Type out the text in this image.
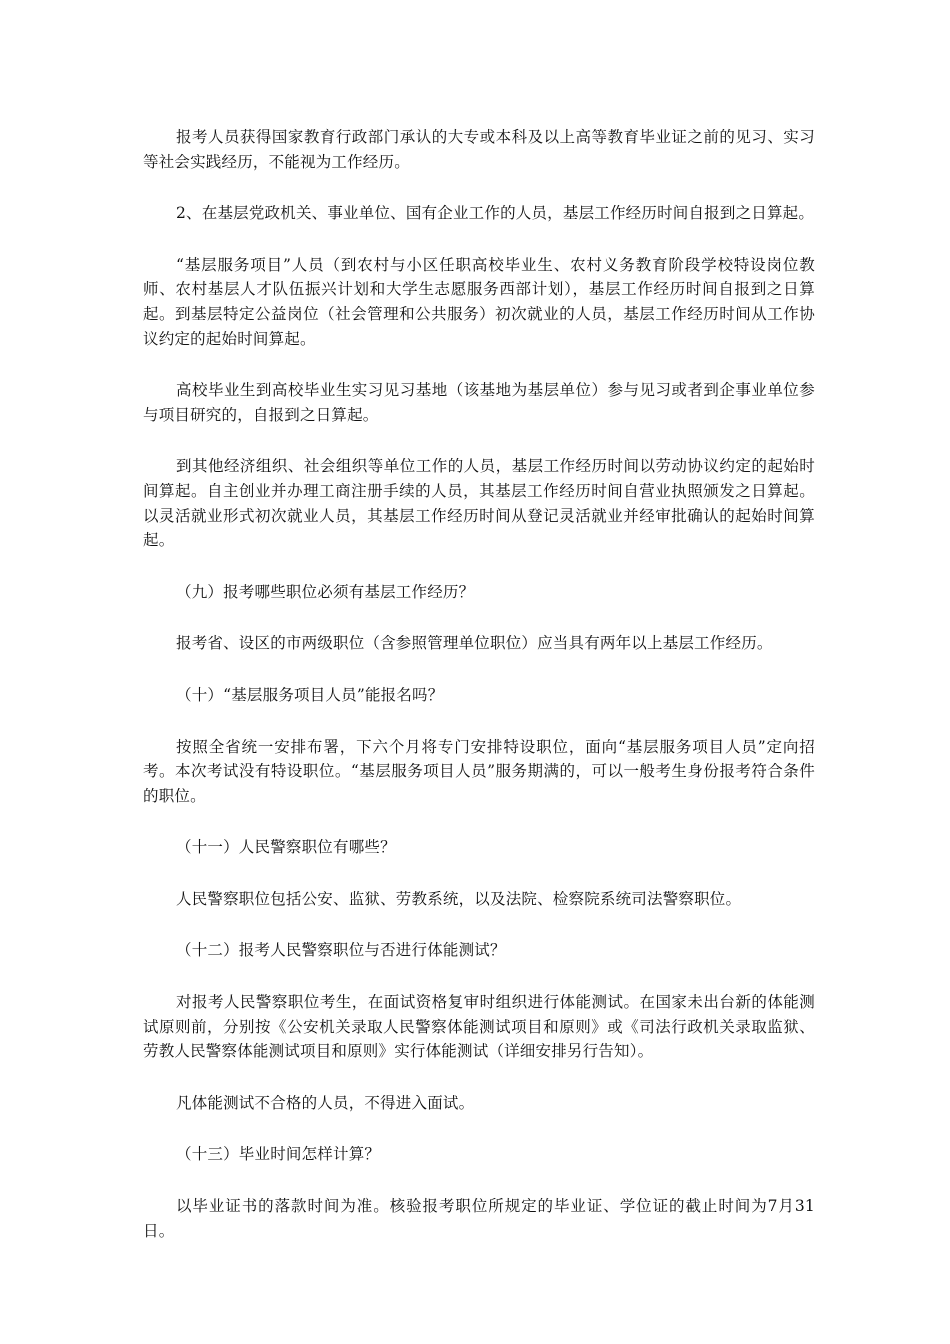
报考人员获得国家教育行政部门承认的大专或本科及以上高等教育毕业证之前的见习、实习等社会实践经历，不能视为工作经历。

2、在基层党政机关、事业单位、国有企业工作的人员，基层工作经历时间自报到之日算起。

“基层服务项目”人员（到农村与小区任职高校毕业生、农村义务教育阶段学校特设岗位教师、农村基层人才队伍振兴计划和大学生志愿服务西部计划），基层工作经历时间自报到之日算起。到基层特定公益岗位（社会管理和公共服务）初次就业的人员，基层工作经历时间从工作协议约定的起始时间算起。

高校毕业生到高校毕业生实习见习基地（该基地为基层单位）参与见习或者到企事业单位参与项目研究的，自报到之日算起。

到其他经济组织、社会组织等单位工作的人员，基层工作经历时间以劳动协议约定的起始时间算起。自主创业并办理工商注册手续的人员，其基层工作经历时间自营业执照颁发之日算起。以灵活就业形式初次就业人员，其基层工作经历时间从登记灵活就业并经审批确认的起始时间算起。

（九）报考哪些职位必须有基层工作经历？

报考省、设区的市两级职位（含参照管理单位职位）应当具有两年以上基层工作经历。

（十）“基层服务项目人员”能报名吗？

按照全省统一安排布署，下六个月将专门安排特设职位，面向“基层服务项目人员”定向招考。本次考试没有特设职位。“基层服务项目人员”服务期满的，可以一般考生身份报考符合条件的职位。

（十一）人民警察职位有哪些？

人民警察职位包括公安、监狱、劳教系统，以及法院、检察院系统司法警察职位。

（十二）报考人民警察职位与否进行体能测试？

对报考人民警察职位考生，在面试资格复审时组织进行体能测试。在国家未出台新的体能测试原则前，分别按《公安机关录取人民警察体能测试项目和原则》或《司法行政机关录取监狱、劳教人民警察体能测试项目和原则》实行体能测试（详细安排另行告知）。

凡体能测试不合格的人员，不得进入面试。

（十三）毕业时间怎样计算？

以毕业证书的落款时间为准。核验报考职位所规定的毕业证、学位证的截止时间为7月31日。
